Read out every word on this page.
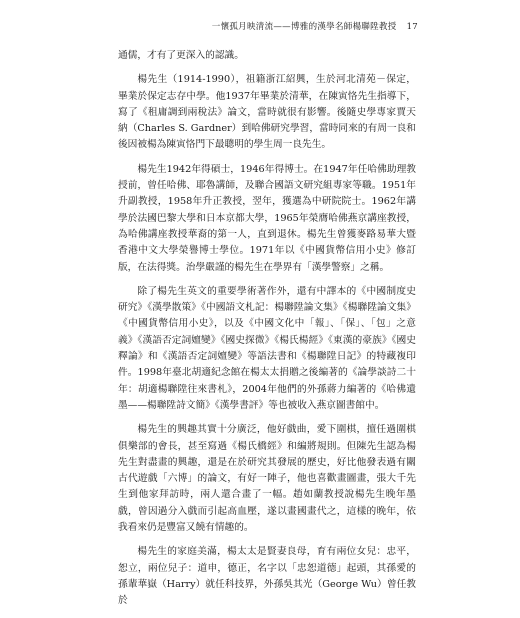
一懷孤月映清流——博雅的漢學名師楊聯陞教授 17

通儒，才有了更深入的認識。

楊先生（1914-1990），祖籍浙江紹興，生於河北清苑－保定，畢業於保定志存中學。他1937年畢業於清華，在陳寅恪先生指導下，寫了《租庸調到兩稅法》論文，當時就很有影響。後隨史學專家賈天納（Charles S. Gardner）到哈佛研究學習，當時同來的有周一良和後因被楊為陳寅恪門下最聰明的學生周一良先生。

楊先生1942年得碩士，1946年得博士。在1947年任哈佛助理教授前，曾任哈佛、耶魯講師，及聯合國語文研究組專家等職。1951年升副教授，1958年升正教授，翌年，獲選為中研院院士。1962年講學於法國巴黎大學和日本京都大學，1965年榮膺哈佛燕京講座教授，為哈佛講座教授華裔的第一人，直到退休。楊先生曾獲麥路易華大暨香港中文大學榮譽博士學位。1971年以《中國貨幣信用小史》修訂版，在法得獎。治學嚴謹的楊先生在學界有「漢學警察」之稱。

除了楊先生英文的重要學術著作外，還有中譯本的《中國制度史研究》《漢學散策》《中國語文札記：楊聯陞論文集》《楊聯陞論文集》《中國貨幣信用小史》，以及《中國文化中「報」、「保」、「包」之意義》《漢語否定詞嬗變》《國史探微》《楊氏楊經》《東漢的豪族》《國史釋論》和《漢語否定詞嬗變》等語法書和《楊聯陞日記》的特藏複印件。1998年臺北胡適紀念館在楊太太捐贈之後編著的《論學談詩二十年：胡適楊聯陞往來書札》，2004年他們的外孫蔣力編著的《哈佛遺墨——楊聯陞詩文簡》《漢學書評》等也被收入燕京圖書館中。

楊先生的興趣其實十分廣泛，他好戲曲，愛下圍棋，擅任過圍棋俱樂部的會長，甚至寫過《楊氏橋經》和編將規則。但陳先生認為楊先生對盡畫的興趣，還是在於研究其發展的歷史，好比他發表過有關古代遊戲「六博」的論文，有好一陣子，他也喜歡畫圖畫，張大千先生到他家拜訪時，兩人還合畫了一幅。趙如蘭教授說楊先生晚年墨戲，曾因過分入戲而引起高血壓，遂以畫國畫代之，這樣的晚年，依我看來仍是豐富又饒有情趣的。

楊先生的家庭美滿，楊太太是賢妻良母，育有兩位女兒：忠平，恕立，兩位兒子：道申，德正，名字以「忠恕道德」起頭，其孫愛的孫輩華嶽（Harry）就任科技界，外孫吳其光（George Wu）曾任教於
